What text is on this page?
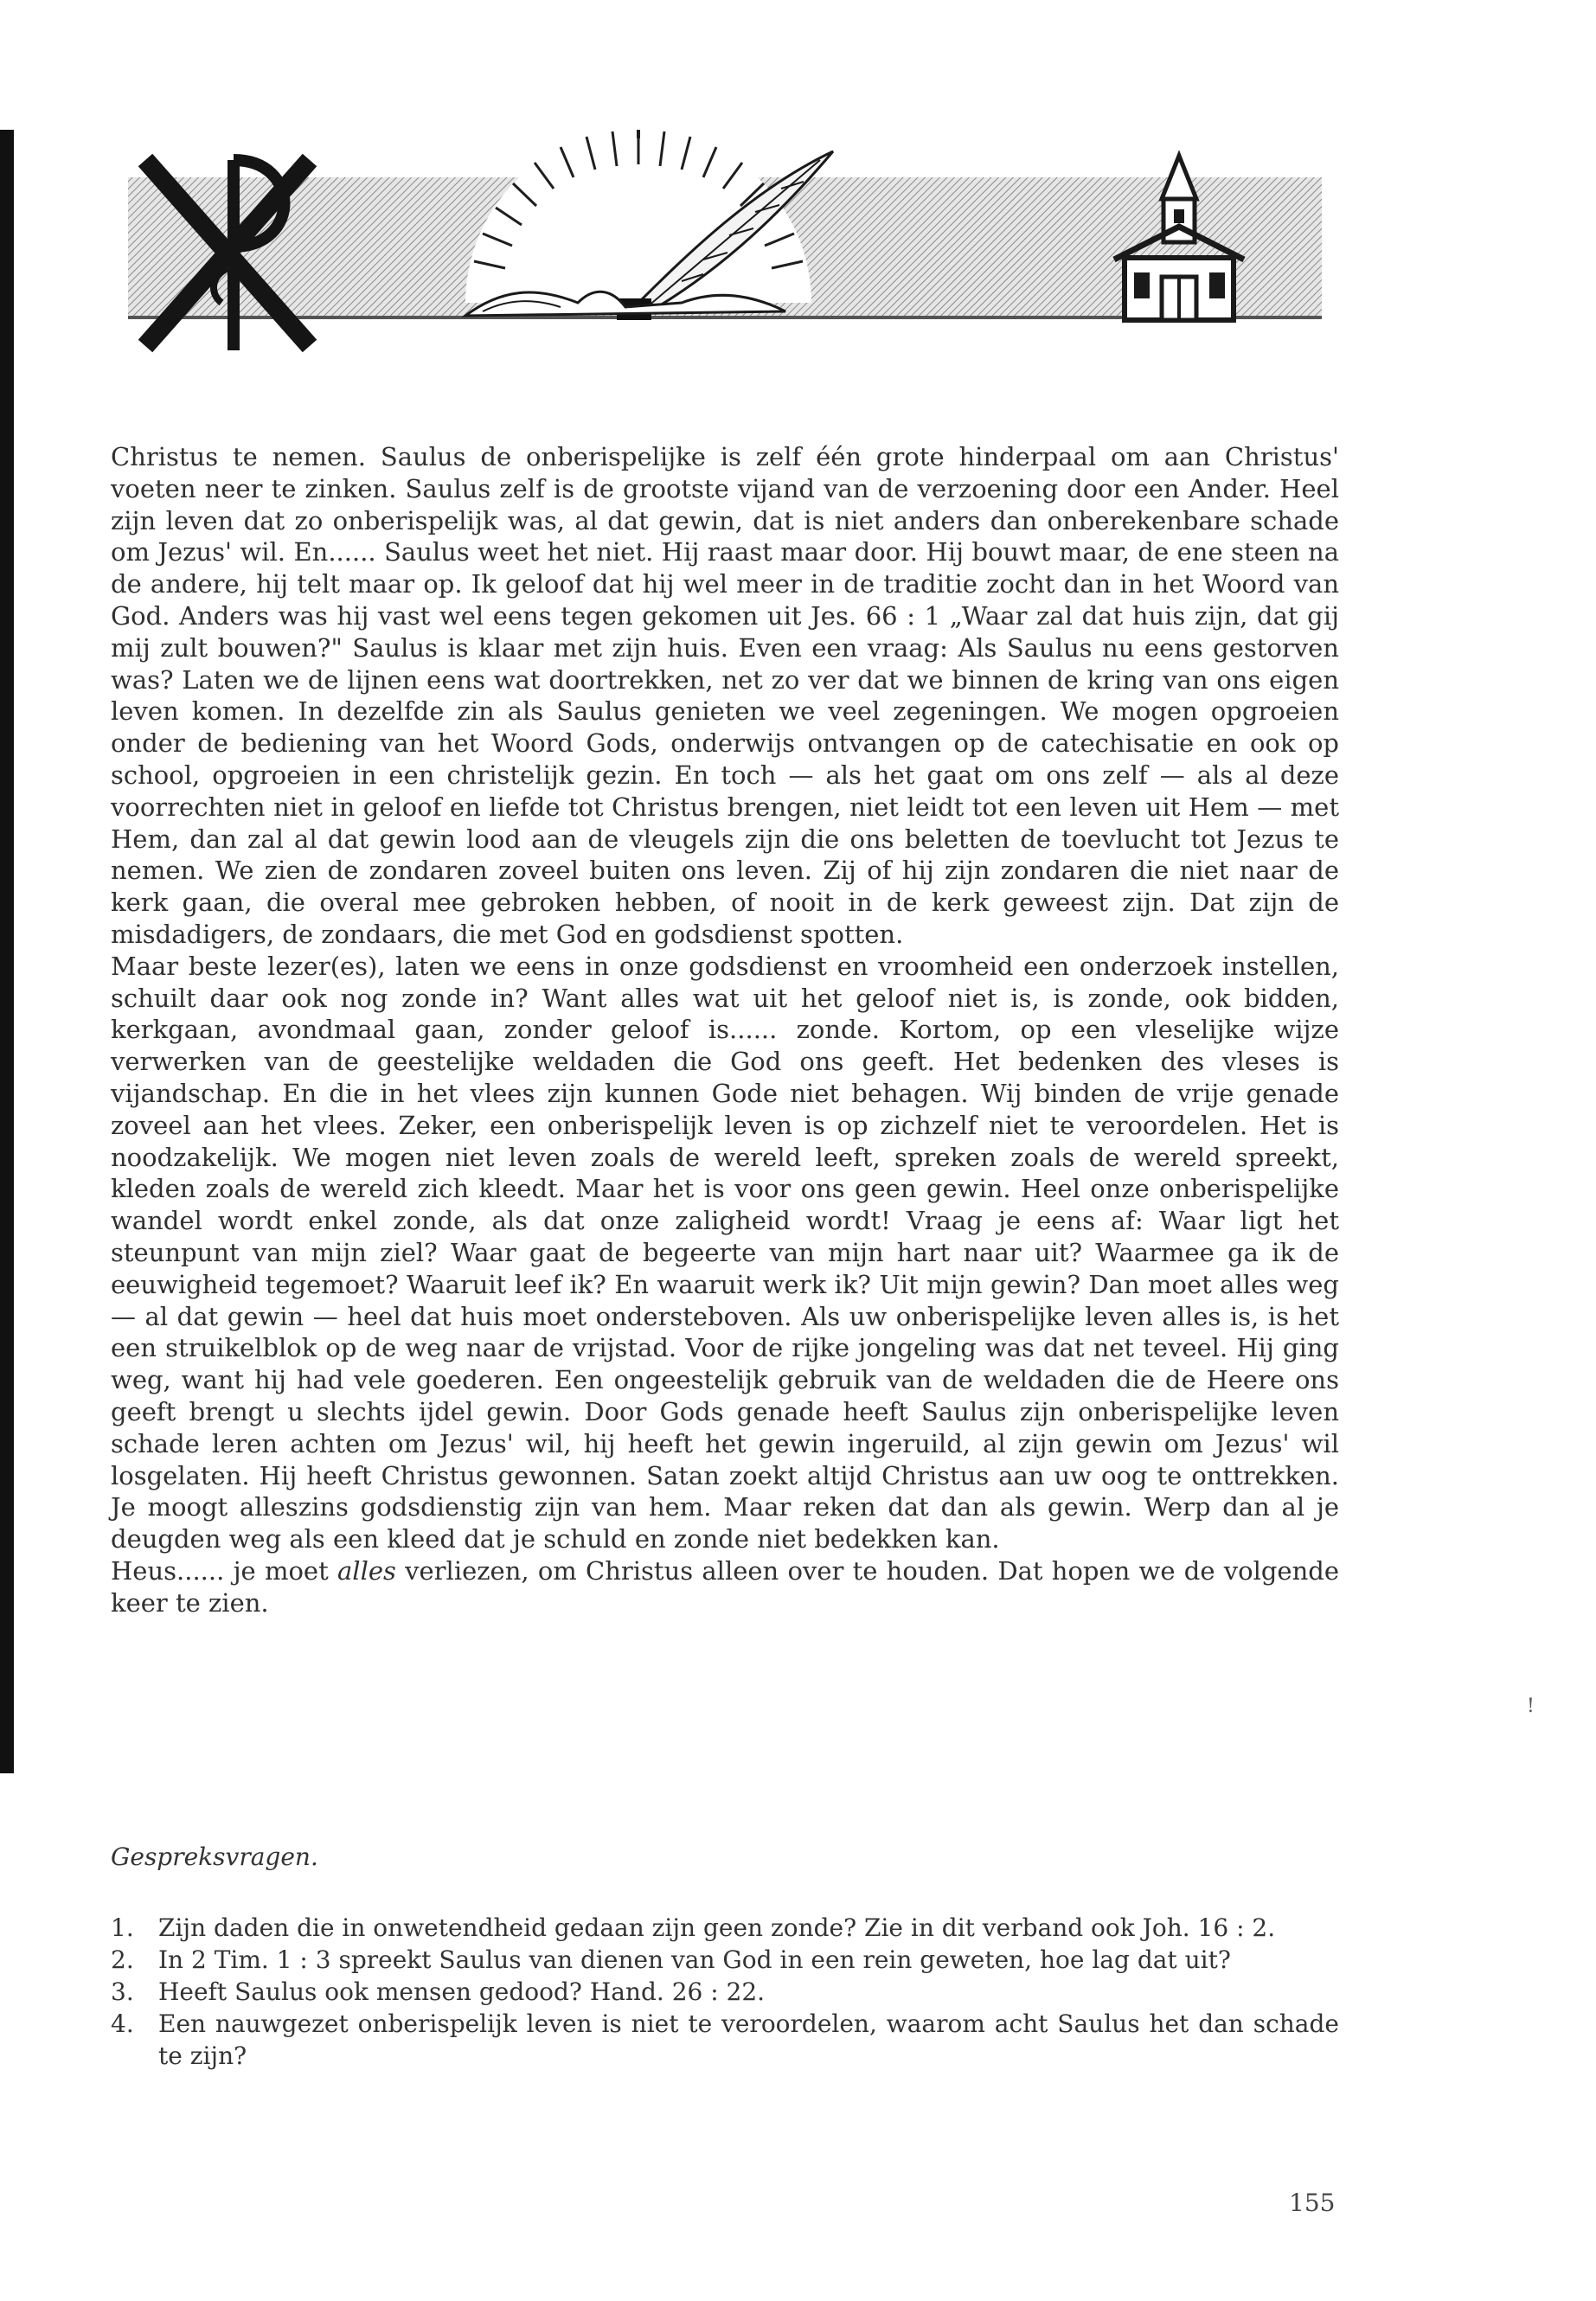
Christus te nemen. Saulus de onberispelijke is zelf één grote hinderpaal om aan Christus' voeten neer te zinken. Saulus zelf is de grootste vijand van de verzoening door een Ander. Heel zijn leven dat zo onberispelijk was, al dat gewin, dat is niet anders dan onberekenbare schade om Jezus' wil. En...... Saulus weet het niet. Hij raast maar door. Hij bouwt maar, de ene steen na de andere, hij telt maar op. Ik geloof dat hij wel meer in de traditie zocht dan in het Woord van God. Anders was hij vast wel eens tegen gekomen uit Jes. 66 : 1 „Waar zal dat huis zijn, dat gij mij zult bouwen?" Saulus is klaar met zijn huis. Even een vraag: Als Saulus nu eens gestorven was? Laten we de lijnen eens wat doortrekken, net zo ver dat we binnen de kring van ons eigen leven komen. In dezelfde zin als Saulus genieten we veel zegeningen. We mogen opgroeien onder de bediening van het Woord Gods, onderwijs ontvangen op de catechisatie en ook op school, opgroeien in een christelijk gezin. En toch — als het gaat om ons zelf — als al deze voorrechten niet in geloof en liefde tot Christus brengen, niet leidt tot een leven uit Hem — met Hem, dan zal al dat gewin lood aan de vleugels zijn die ons beletten de toevlucht tot Jezus te nemen. We zien de zondaren zoveel buiten ons leven. Zij of hij zijn zondaren die niet naar de kerk gaan, die overal mee gebroken hebben, of nooit in de kerk geweest zijn. Dat zijn de misdadigers, de zondaars, die met God en godsdienst spotten.

Maar beste lezer(es), laten we eens in onze godsdienst en vroomheid een onderzoek instellen, schuilt daar ook nog zonde in? Want alles wat uit het geloof niet is, is zonde, ook bidden, kerkgaan, avondmaal gaan, zonder geloof is...... zonde. Kortom, op een vleselijke wijze verwerken van de geestelijke weldaden die God ons geeft. Het bedenken des vleses is vijandschap. En die in het vlees zijn kunnen Gode niet behagen. Wij binden de vrije genade zoveel aan het vlees. Zeker, een onberispelijk leven is op zichzelf niet te veroordelen. Het is noodzakelijk. We mogen niet leven zoals de wereld leeft, spreken zoals de wereld spreekt, kleden zoals de wereld zich kleedt. Maar het is voor ons geen gewin. Heel onze onberispelijke wandel wordt enkel zonde, als dat onze zaligheid wordt! Vraag je eens af: Waar ligt het steunpunt van mijn ziel? Waar gaat de begeerte van mijn hart naar uit? Waarmee ga ik de eeuwigheid tegemoet? Waaruit leef ik? En waaruit werk ik? Uit mijn gewin? Dan moet alles weg — al dat gewin — heel dat huis moet ondersteboven. Als uw onberispelijke leven alles is, is het een struikelblok op de weg naar de vrijstad. Voor de rijke jongeling was dat net teveel. Hij ging weg, want hij had vele goederen. Een ongeestelijk gebruik van de weldaden die de Heere ons geeft brengt u slechts ijdel gewin. Door Gods genade heeft Saulus zijn onberispelijke leven schade leren achten om Jezus' wil, hij heeft het gewin ingeruild, al zijn gewin om Jezus' wil losgelaten. Hij heeft Christus gewonnen. Satan zoekt altijd Christus aan uw oog te onttrekken. Je moogt alleszins godsdienstig zijn van hem. Maar reken dat dan als gewin. Werp dan al je deugden weg als een kleed dat je schuld en zonde niet bedekken kan.

Heus...... je moet alles verliezen, om Christus alleen over te houden. Dat hopen we de volgende keer te zien.

Gespreksvragen.
1.	Zijn daden die in onwetendheid gedaan zijn geen zonde? Zie in dit verband ook Joh. 16 : 2.
2.	In 2 Tim. 1 : 3 spreekt Saulus van dienen van God in een rein geweten, hoe lag dat uit?
3.	Heeft Saulus ook mensen gedood? Hand. 26 : 22.
4.	Een nauwgezet onberispelijk leven is niet te veroordelen, waarom acht Saulus het dan schade te zijn?
!
155
